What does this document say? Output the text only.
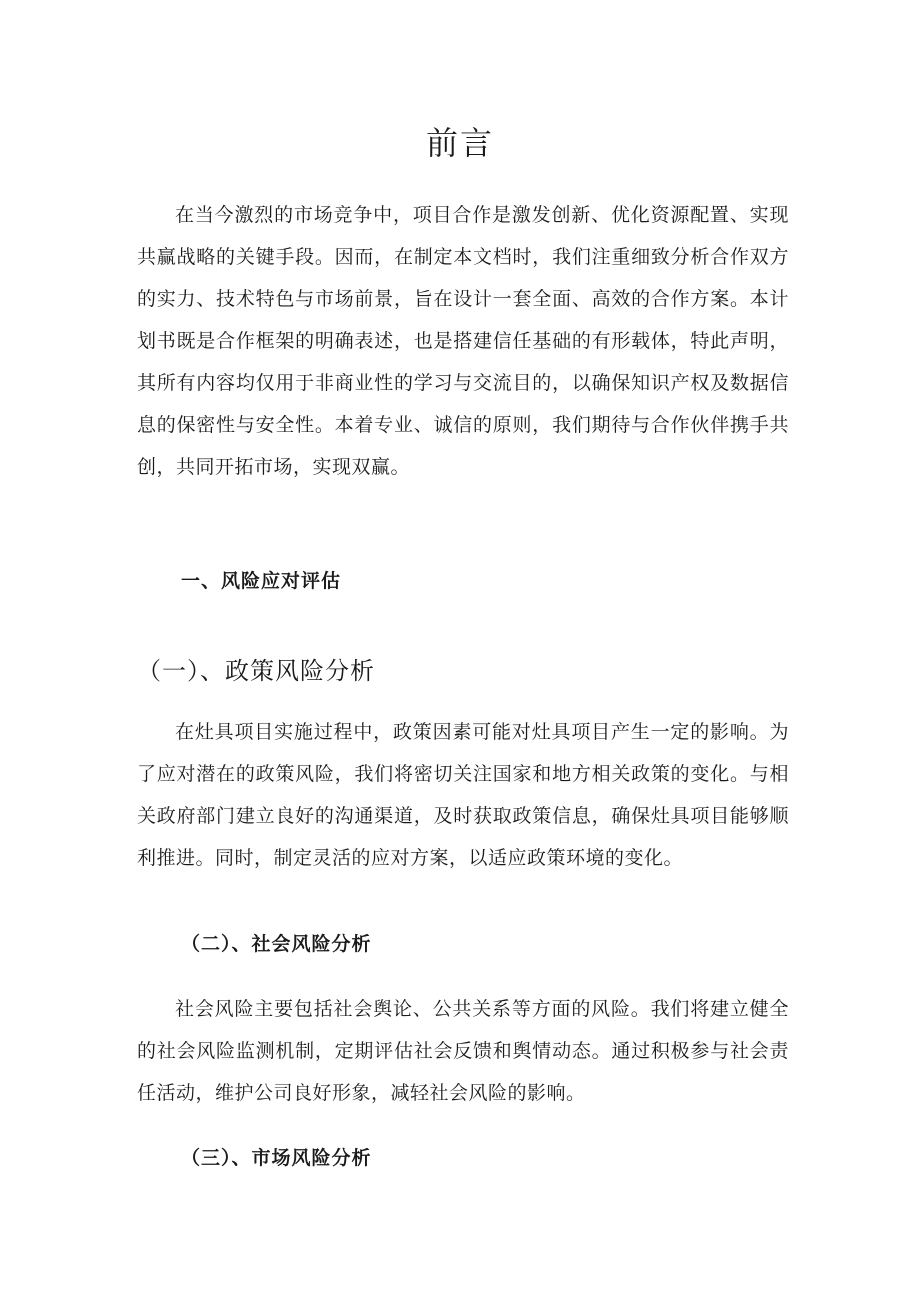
前言

在当今激烈的市场竞争中，项目合作是激发创新、优化资源配置、实现共赢战略的关键手段。因而，在制定本文档时，我们注重细致分析合作双方的实力、技术特色与市场前景，旨在设计一套全面、高效的合作方案。本计划书既是合作框架的明确表述，也是搭建信任基础的有形载体，特此声明，其所有内容均仅用于非商业性的学习与交流目的，以确保知识产权及数据信息的保密性与安全性。本着专业、诚信的原则，我们期待与合作伙伴携手共创，共同开拓市场，实现双赢。

一、风险应对评估
（一）、政策风险分析

在灶具项目实施过程中，政策因素可能对灶具项目产生一定的影响。为了应对潜在的政策风险，我们将密切关注国家和地方相关政策的变化。与相关政府部门建立良好的沟通渠道，及时获取政策信息，确保灶具项目能够顺利推进。同时，制定灵活的应对方案，以适应政策环境的变化。

（二）、社会风险分析

社会风险主要包括社会舆论、公共关系等方面的风险。我们将建立健全的社会风险监测机制，定期评估社会反馈和舆情动态。通过积极参与社会责任活动，维护公司良好形象，减轻社会风险的影响。

（三）、市场风险分析
